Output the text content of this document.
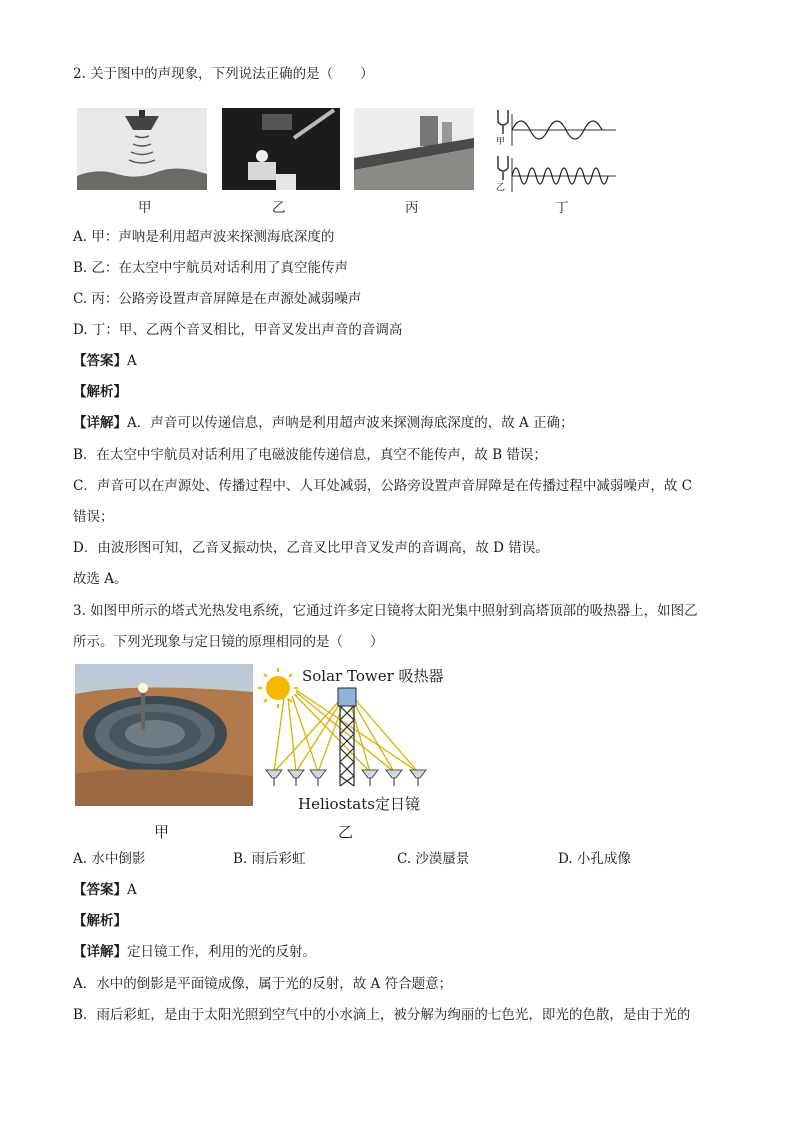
2. 关于图中的声现象，下列说法正确的是（　　）
甲	乙	丙
甲
乙
丁
A. 甲：声呐是利用超声波来探测海底深度的
B. 乙：在太空中宇航员对话利用了真空能传声
C. 丙：公路旁设置声音屏障是在声源处减弱噪声
D. 丁：甲、乙两个音叉相比，甲音叉发出声音的音调高
【答案】A
【解析】
【详解】A．声音可以传递信息，声呐是利用超声波来探测海底深度的，故 A 正确；
B．在太空中宇航员对话利用了电磁波能传递信息，真空不能传声，故 B 错误；
C．声音可以在声源处、传播过程中、人耳处减弱，公路旁设置声音屏障是在传播过程中减弱噪声，故 C
错误；
D．由波形图可知，乙音叉振动快，乙音叉比甲音叉发声的音调高，故 D 错误。
故选 A。
3. 如图甲所示的塔式光热发电系统，它通过许多定日镜将太阳光集中照射到高塔顶部的吸热器上，如图乙
所示。下列光现象与定日镜的原理相同的是（　　）
甲
Solar Tower 吸热器
Heliostats定日镜
乙
A. 水中倒影	B. 雨后彩虹	C. 沙漠蜃景	D. 小孔成像
【答案】A
【解析】
【详解】定日镜工作，利用的光的反射。
A．水中的倒影是平面镜成像，属于光的反射，故 A 符合题意；
B．雨后彩虹，是由于太阳光照到空气中的小水滴上，被分解为绚丽的七色光，即光的色散，是由于光的
